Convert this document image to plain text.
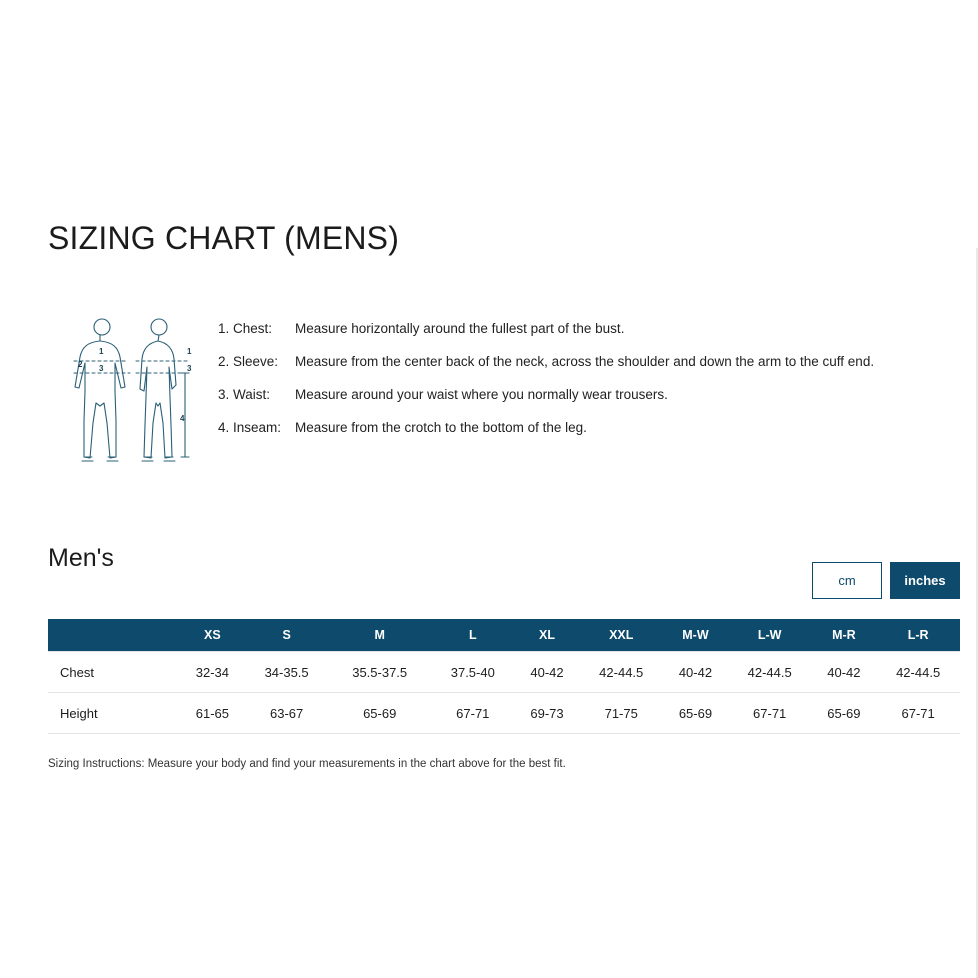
SIZING CHART (MENS)
1
2 3
1
3
4
1. Chest:	Measure horizontally around the fullest part of the bust.
2. Sleeve:	Measure from the center back of the neck, across the shoulder and down the arm to the cuff end.
3. Waist:	Measure around your waist where you normally wear trousers.
4. Inseam:	Measure from the crotch to the bottom of the leg.
Men's
cm	inches
	XS	S	M	L	XL	XXL	M-W	L-W	M-R	L-R
Chest	32-34	34-35.5	35.5-37.5	37.5-40	40-42	42-44.5	40-42	42-44.5	40-42	42-44.5
Height	61-65	63-67	65-69	67-71	69-73	71-75	65-69	67-71	65-69	67-71
Sizing Instructions: Measure your body and find your measurements in the chart above for the best fit.
